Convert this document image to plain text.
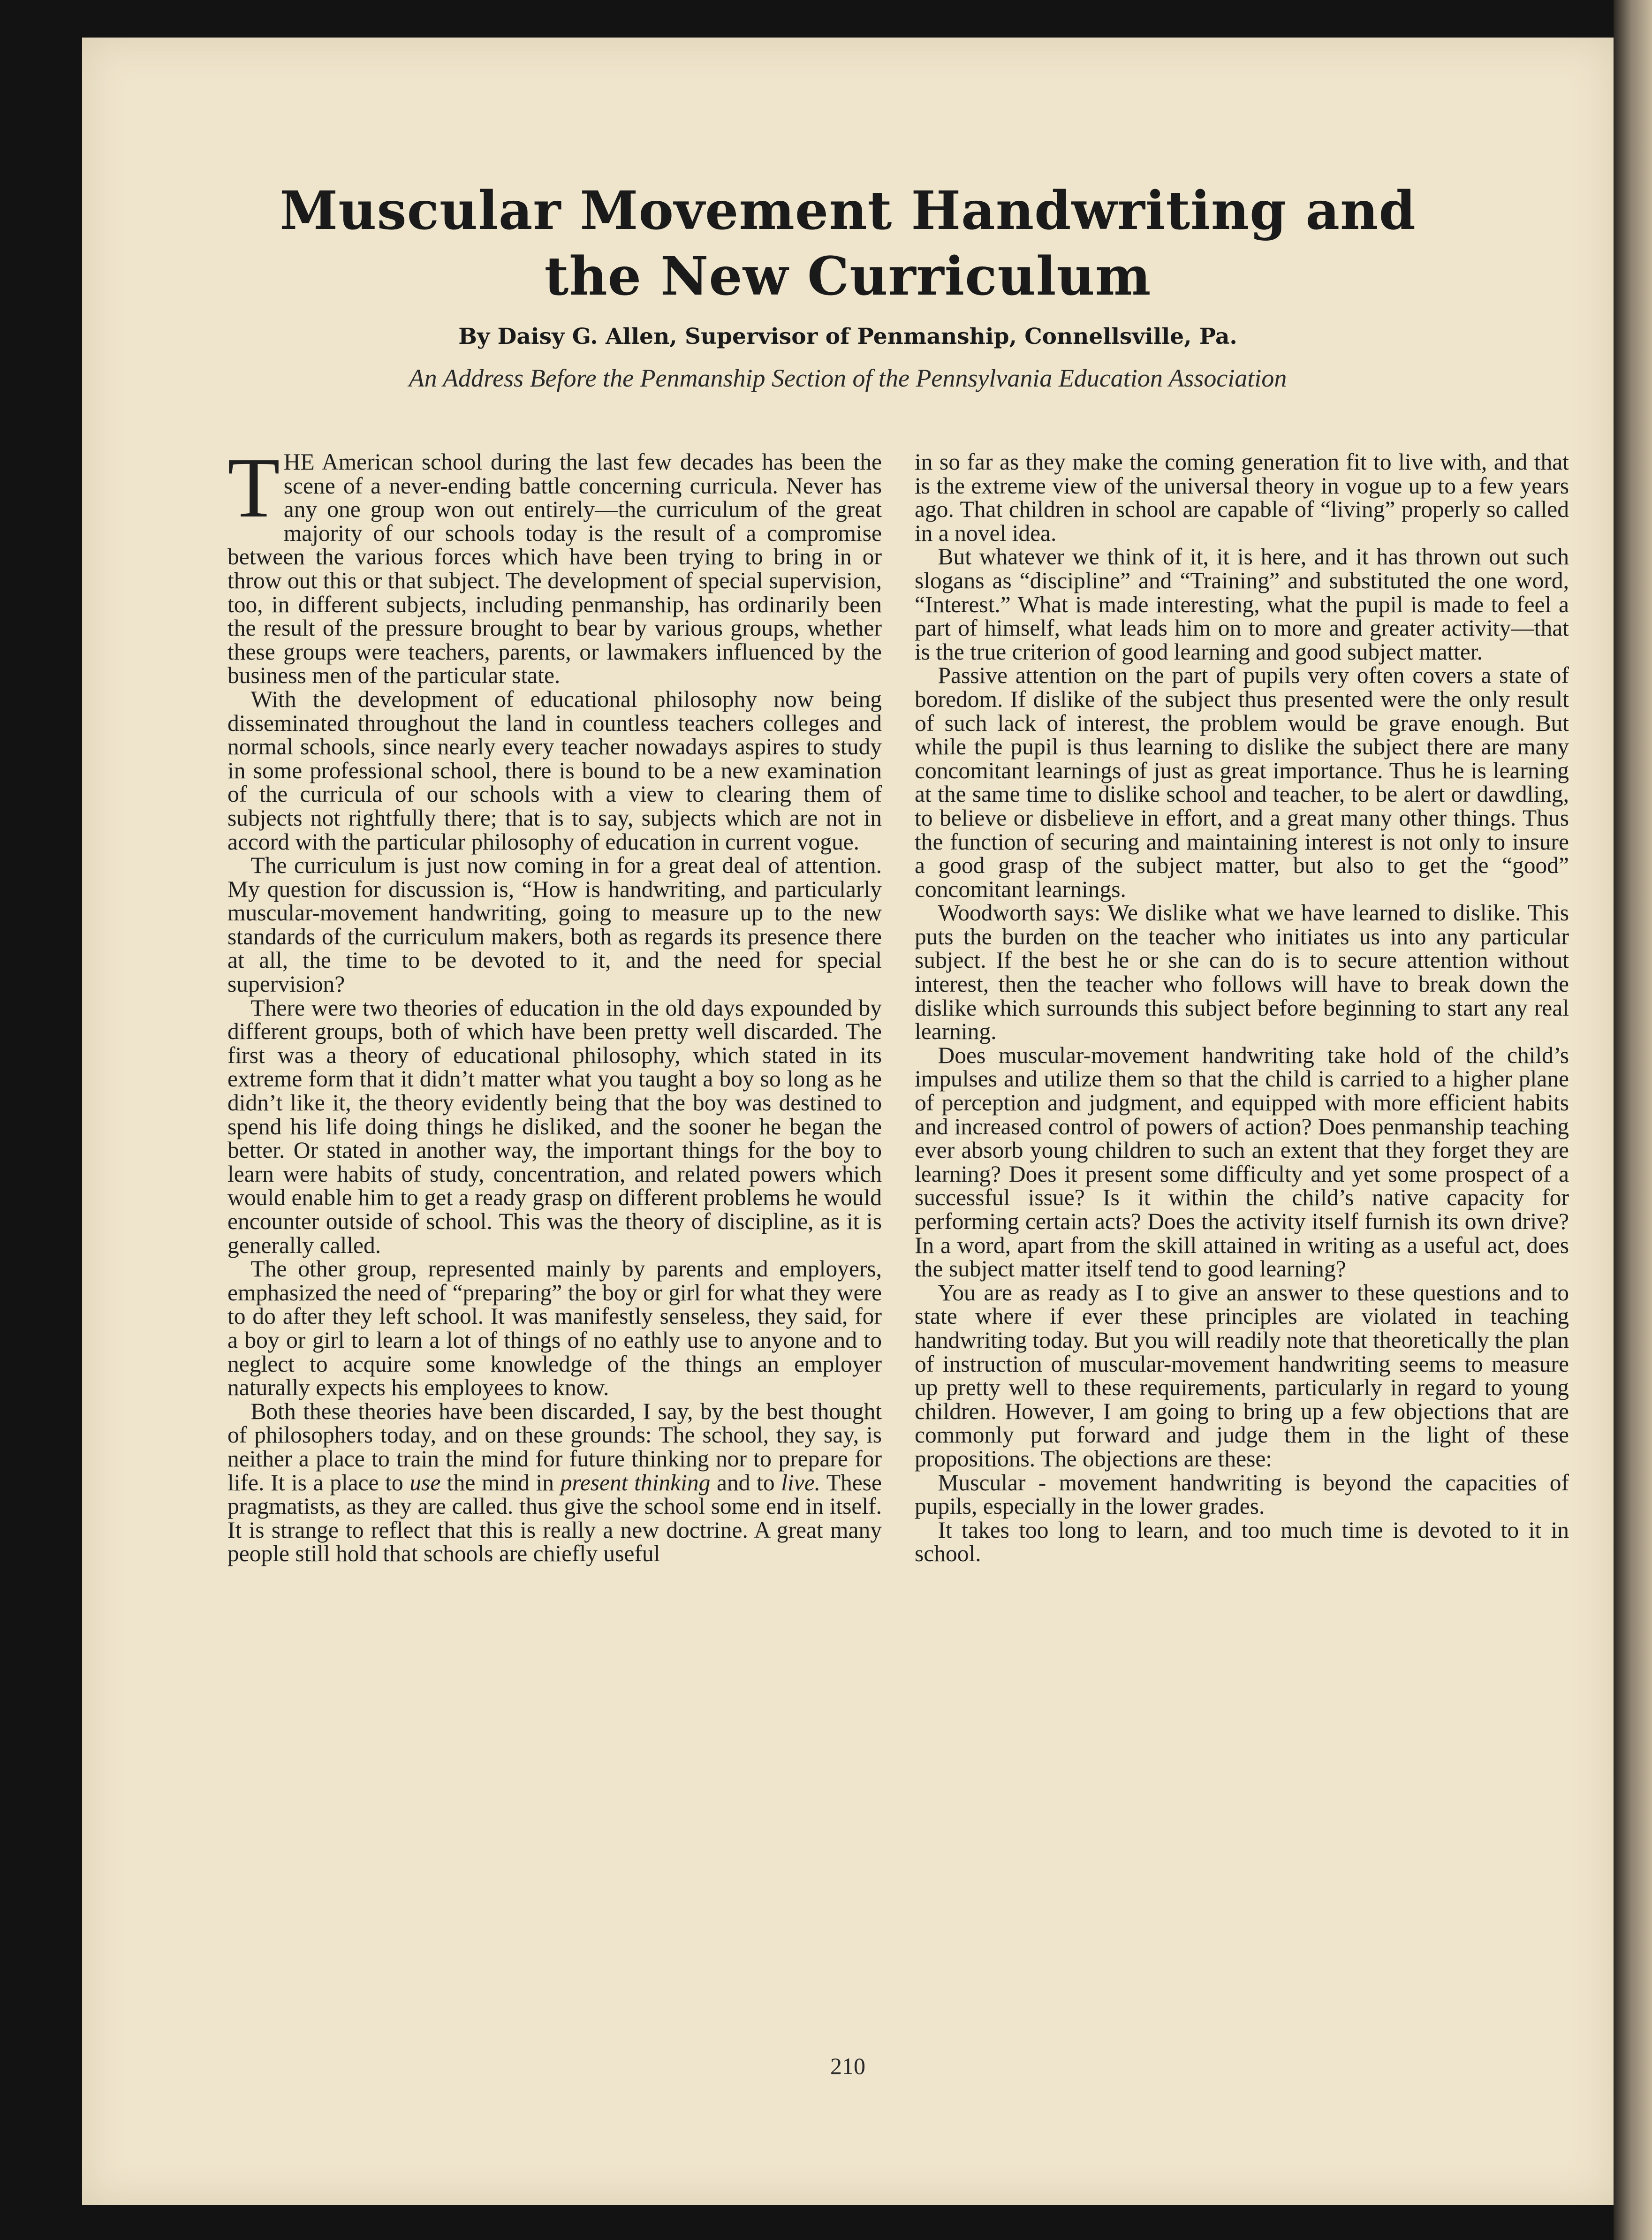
Muscular Movement Handwriting and
the New Curriculum
By Daisy G. Allen, Supervisor of Penmanship, Connellsville, Pa.
An Address Before the Penmanship Section of the Pennsylvania Education Association

THE American school during the last few decades has been the scene of a never-ending battle concerning curricula. Never has any one group won out entirely—the curriculum of the great majority of our schools today is the result of a compromise between the various forces which have been trying to bring in or throw out this or that subject. The development of special supervision, too, in different subjects, including penmanship, has ordinarily been the result of the pressure brought to bear by various groups, whether these groups were teachers, parents, or lawmakers influenced by the business men of the particular state.

With the development of educational philosophy now being disseminated throughout the land in countless teachers colleges and normal schools, since nearly every teacher nowadays aspires to study in some professional school, there is bound to be a new examination of the curricula of our schools with a view to clearing them of subjects not rightfully there; that is to say, subjects which are not in accord with the particular philosophy of education in current vogue.

The curriculum is just now coming in for a great deal of attention. My question for discussion is, “How is handwriting, and particularly muscular-movement handwriting, going to measure up to the new standards of the curriculum makers, both as regards its presence there at all, the time to be devoted to it, and the need for special supervision?

There were two theories of education in the old days expounded by different groups, both of which have been pretty well discarded. The first was a theory of educational philosophy, which stated in its extreme form that it didn’t matter what you taught a boy so long as he didn’t like it, the theory evidently being that the boy was destined to spend his life doing things he disliked, and the sooner he began the better. Or stated in another way, the important things for the boy to learn were habits of study, concentration, and related powers which would enable him to get a ready grasp on different problems he would encounter outside of school. This was the theory of discipline, as it is generally called.

The other group, represented mainly by parents and employers, emphasized the need of “preparing” the boy or girl for what they were to do after they left school. It was manifestly senseless, they said, for a boy or girl to learn a lot of things of no eathly use to anyone and to neglect to acquire some knowledge of the things an employer naturally expects his employees to know.

Both these theories have been discarded, I say, by the best thought of philosophers today, and on these grounds: The school, they say, is neither a place to train the mind for future thinking nor to prepare for life. It is a place to use the mind in present thinking and to live. These pragmatists, as they are called. thus give the school some end in itself. It is strange to reflect that this is really a new doctrine. A great many people still hold that schools are chiefly useful

in so far as they make the coming generation fit to live with, and that is the extreme view of the universal theory in vogue up to a few years ago. That children in school are capable of “living” properly so called in a novel idea.

But whatever we think of it, it is here, and it has thrown out such slogans as “discipline” and “Training” and substituted the one word, “Interest.” What is made interesting, what the pupil is made to feel a part of himself, what leads him on to more and greater activity—that is the true criterion of good learning and good subject matter.

Passive attention on the part of pupils very often covers a state of boredom. If dislike of the subject thus presented were the only result of such lack of interest, the problem would be grave enough. But while the pupil is thus learning to dislike the subject there are many concomitant learnings of just as great importance. Thus he is learning at the same time to dislike school and teacher, to be alert or dawdling, to believe or disbelieve in effort, and a great many other things. Thus the function of securing and maintaining interest is not only to insure a good grasp of the subject matter, but also to get the “good” concomitant learnings.

Woodworth says: We dislike what we have learned to dislike. This puts the burden on the teacher who initiates us into any particular subject. If the best he or she can do is to secure attention without interest, then the teacher who follows will have to break down the dislike which surrounds this subject before beginning to start any real learning.

Does muscular-movement handwriting take hold of the child’s impulses and utilize them so that the child is carried to a higher plane of perception and judgment, and equipped with more efficient habits and increased control of powers of action? Does penmanship teaching ever absorb young children to such an extent that they forget they are learning? Does it present some difficulty and yet some prospect of a successful issue? Is it within the child’s native capacity for performing certain acts? Does the activity itself furnish its own drive? In a word, apart from the skill attained in writing as a useful act, does the subject matter itself tend to good learning?

You are as ready as I to give an answer to these questions and to state where if ever these principles are violated in teaching handwriting today. But you will readily note that theoretically the plan of instruction of muscular-movement handwriting seems to measure up pretty well to these requirements, particularly in regard to young children. However, I am going to bring up a few objections that are commonly put forward and judge them in the light of these propositions. The objections are these:

Muscular - movement handwriting is beyond the capacities of pupils, especially in the lower grades.

It takes too long to learn, and too much time is devoted to it in school.

210
